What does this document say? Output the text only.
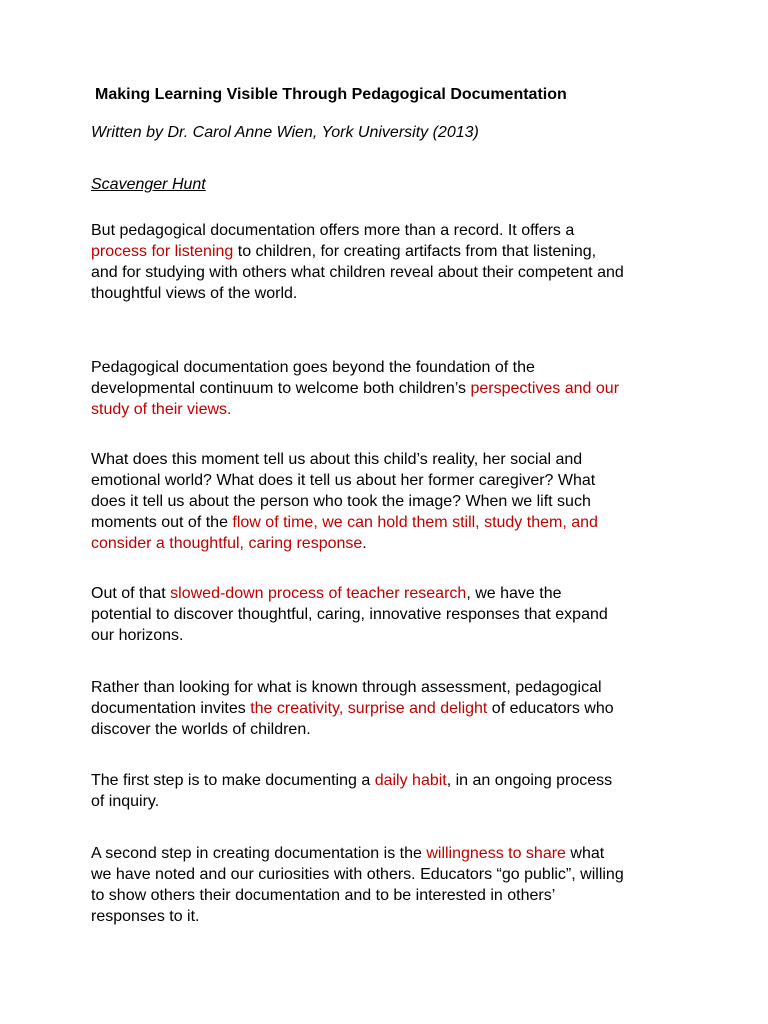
Making Learning Visible Through Pedagogical Documentation

Written by Dr. Carol Anne Wien, York University (2013)

Scavenger Hunt

But pedagogical documentation offers more than a record. It offers a
process for listening to children, for creating artifacts from that listening,
and for studying with others what children reveal about their competent and
thoughtful views of the world.

Pedagogical documentation goes beyond the foundation of the
developmental continuum to welcome both children’s perspectives and our
study of their views.

What does this moment tell us about this child’s reality, her social and
emotional world? What does it tell us about her former caregiver? What
does it tell us about the person who took the image? When we lift such
moments out of the flow of time, we can hold them still, study them, and
consider a thoughtful, caring response.

Out of that slowed-down process of teacher research, we have the
potential to discover thoughtful, caring, innovative responses that expand
our horizons.

Rather than looking for what is known through assessment, pedagogical
documentation invites the creativity, surprise and delight of educators who
discover the worlds of children.

The first step is to make documenting a daily habit, in an ongoing process
of inquiry.

A second step in creating documentation is the willingness to share what
we have noted and our curiosities with others. Educators “go public”, willing
to show others their documentation and to be interested in others’
responses to it.
